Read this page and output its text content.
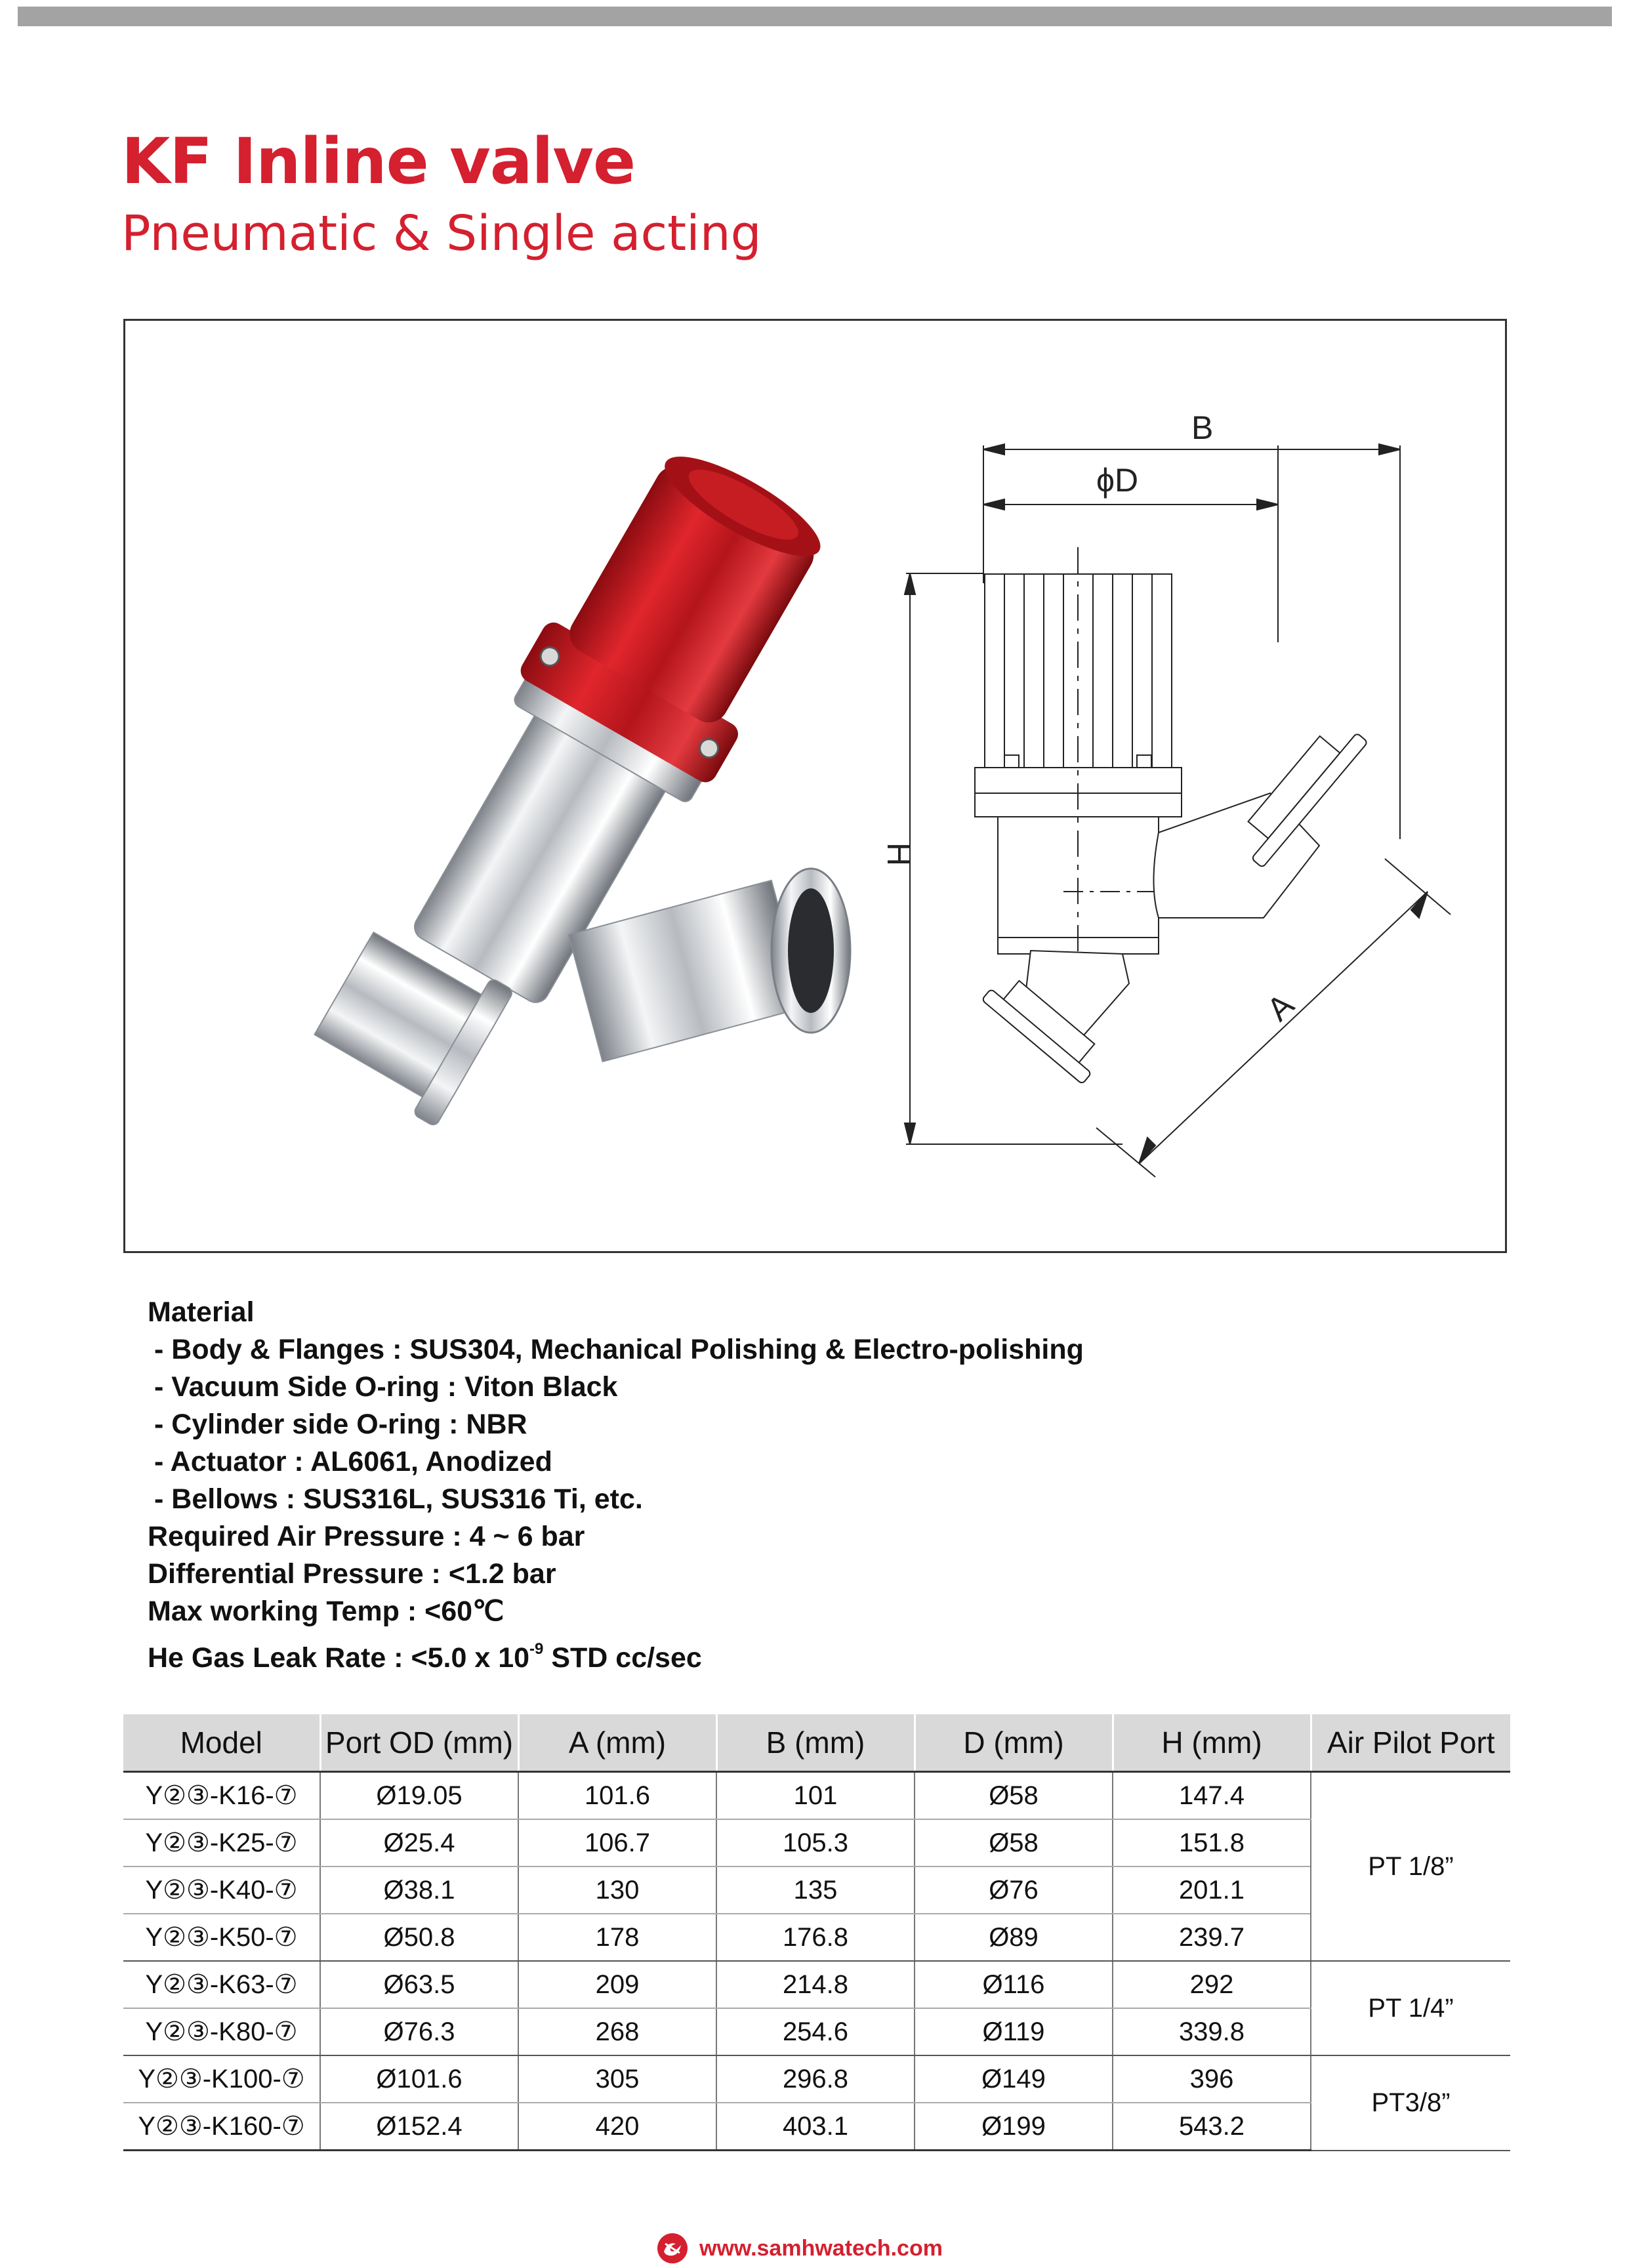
KF Inline valve
Pneumatic & Single acting
B
ϕD
H
A
Material
- Body & Flanges : SUS304, Mechanical Polishing & Electro-polishing
- Vacuum Side O-ring : Viton Black
- Cylinder side O-ring : NBR
- Actuator : AL6061, Anodized
- Bellows : SUS316L, SUS316 Ti, etc.
Required Air Pressure : 4 ~ 6 bar
Differential Pressure : <1.2 bar
Max working Temp : <60℃
He Gas Leak Rate : <5.0 x $10^{-9}$ STD cc/sec
Model	Port OD (mm)	A (mm)	B (mm)	D (mm)	H (mm)	Air Pilot Port
Y②③-K16-⑦	Ø19.05	101.6	101	Ø58	147.4	PT 1/8”
Y②③-K25-⑦	Ø25.4	106.7	105.3	Ø58	151.8	
Y②③-K40-⑦	Ø38.1	130	135	Ø76	201.1	
Y②③-K50-⑦	Ø50.8	178	176.8	Ø89	239.7	
Y②③-K63-⑦	Ø63.5	209	214.8	Ø116	292	PT 1/4”
Y②③-K80-⑦	Ø76.3	268	254.6	Ø119	339.8	
Y②③-K100-⑦	Ø101.6	305	296.8	Ø149	396	PT3/8”
Y②③-K160-⑦	Ø152.4	420	403.1	Ø199	543.2	
www.samhwatech.com
